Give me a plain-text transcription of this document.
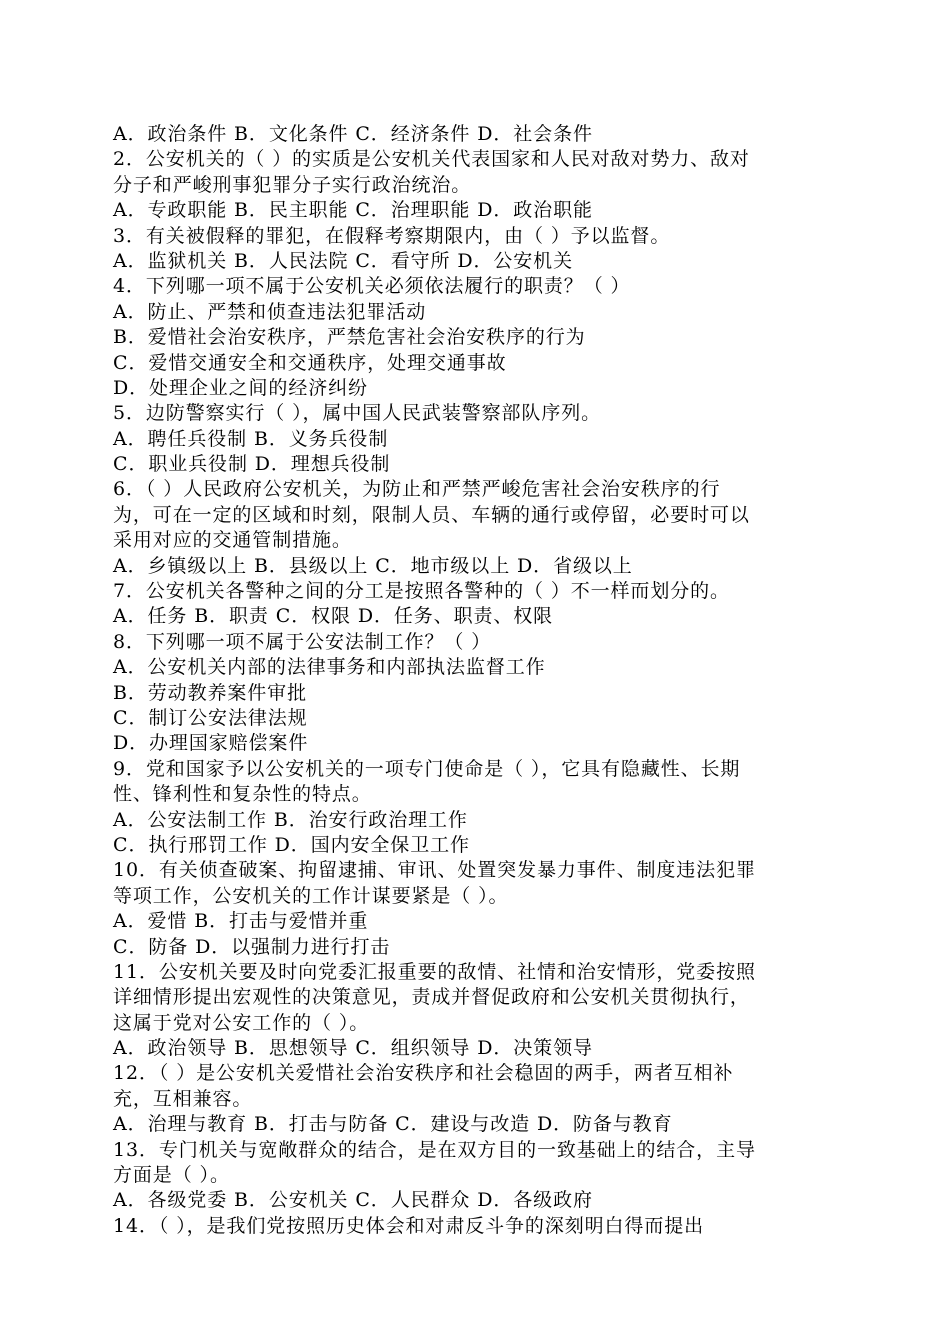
A．政治条件 B．文化条件 C．经济条件 D．社会条件
2．公安机关的（ ）的实质是公安机关代表国家和人民对敌对势力、敌对
分子和严峻刑事犯罪分子实行政治统治。
A．专政职能 B．民主职能 C．治理职能 D．政治职能
3．有关被假释的罪犯，在假释考察期限内，由（ ）予以监督。
A．监狱机关 B．人民法院 C．看守所 D．公安机关
4．下列哪一项不属于公安机关必须依法履行的职责？（ ）
A．防止、严禁和侦查违法犯罪活动
B．爱惜社会治安秩序，严禁危害社会治安秩序的行为
C．爱惜交通安全和交通秩序，处理交通事故
D．处理企业之间的经济纠纷
5．边防警察实行（ ），属中国人民武装警察部队序列。
A．聘任兵役制 B．义务兵役制
C．职业兵役制 D．理想兵役制
6．（ ）人民政府公安机关，为防止和严禁严峻危害社会治安秩序的行
为，可在一定的区域和时刻，限制人员、车辆的通行或停留，必要时可以
采用对应的交通管制措施。
A．乡镇级以上 B．县级以上 C．地市级以上 D．省级以上
7．公安机关各警种之间的分工是按照各警种的（ ）不一样而划分的。
A．任务 B．职责 C．权限 D．任务、职责、权限
8．下列哪一项不属于公安法制工作？（ ）
A．公安机关内部的法律事务和内部执法监督工作
B．劳动教养案件审批
C．制订公安法律法规
D．办理国家赔偿案件
9．党和国家予以公安机关的一项专门使命是（ ），它具有隐藏性、长期
性、锋利性和复杂性的特点。
A．公安法制工作 B．治安行政治理工作
C．执行邢罚工作 D．国内安全保卫工作
10．有关侦查破案、拘留逮捕、审讯、处置突发暴力事件、制度违法犯罪
等项工作，公安机关的工作计谋要紧是（ ）。
A．爱惜 B．打击与爱惜并重
C．防备 D．以强制力进行打击
11．公安机关要及时向党委汇报重要的敌情、社情和治安情形，党委按照
详细情形提出宏观性的决策意见，责成并督促政府和公安机关贯彻执行，
这属于党对公安工作的（ ）。
A．政治领导 B．思想领导 C．组织领导 D．决策领导
12．（ ）是公安机关爱惜社会治安秩序和社会稳固的两手，两者互相补
充，互相兼容。
A．治理与教育 B．打击与防备 C．建设与改造 D．防备与教育
13．专门机关与宽敞群众的结合，是在双方目的一致基础上的结合，主导
方面是（ ）。
A．各级党委 B．公安机关 C．人民群众 D．各级政府
14．（ ），是我们党按照历史体会和对肃反斗争的深刻明白得而提出
